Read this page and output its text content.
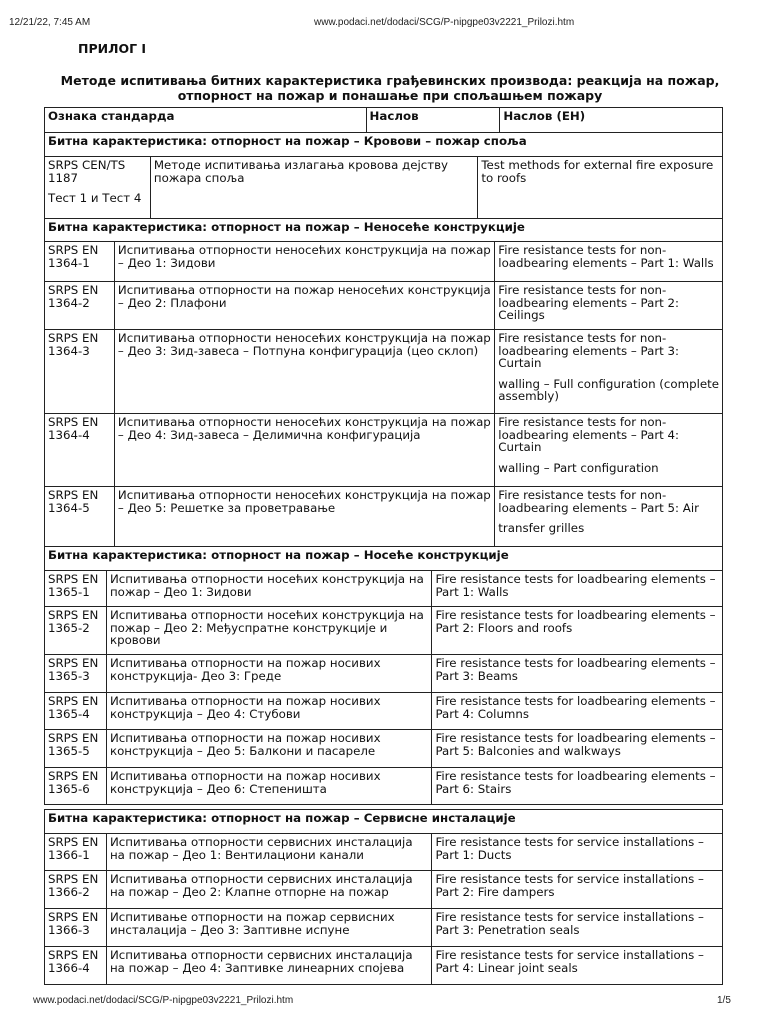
12/21/22, 7:45 AM	www.podaci.net/dodaci/SCG/P-nipgpe03v2221_Prilozi.htm
ПРИЛОГ I
Методе испитивања битних карактеристика грађевинских производа: реакција на пожар,
отпорност на пожар и понашање при спољашњем пожару
Ознака стандарда	Наслов	Наслов (ЕН)
Битна карактеристика: отпорност на пожар – Кровови – пожар споља
SRPS CEN/TS 1187
Тест 1 и Тест 4
	Методе испитивања излагања кровова дејству пожара споља	Test methods for external fire exposure to roofs
Битна карактеристика: отпорност на пожар – Ненoсеће конструкције		
SRPS EN 1364-1	Испитивања отпорности неносећих конструкција на пожар – Део 1: Зидови	Fire resistance tests for non-loadbearing elements – Part 1: Walls
SRPS EN 1364-2	Испитивања отпорности на пожар неносећих конструкција – Део 2: Плафони	Fire resistance tests for non-loadbearing elements – Part 2: Ceilings
SRPS EN 1364-3	Испитивања отпорности неносећих конструкција на пожар – Део 3: Зид-завеса – Потпуна конфигурација (цео склоп)	Fire resistance tests for non-loadbearing elements – Part 3: Curtain
walling – Full configuration (complete assembly)

SRPS EN 1364-4	Испитивања отпорности неносећих конструкција на пожар – Део 4: Зид-завеса – Делимична конфигурација	Fire resistance tests for non-loadbearing elements – Part 4: Curtain
walling – Part configuration

SRPS EN 1364-5	Испитивања отпорности неносећих конструкција на пожар – Део 5: Решетке за проветравање	Fire resistance tests for non-loadbearing elements – Part 5: Air
transfer grilles
Битна карактеристика: отпорност на пожар – Носеће конструкције		
SRPS EN 1365-1	Испитивања отпорности носећих конструкција на пожар – Део 1: Зидови	Fire resistance tests for loadbearing elements – Part 1: Walls
SRPS EN 1365-2	Испитивања отпорности носећих конструкција на пожар – Део 2: Међуспратне конструкције и кровови	Fire resistance tests for loadbearing elements – Part 2: Floors and roofs
SRPS EN 1365-3	Испитивања отпорности на пожар носивих конструкција- Део 3: Греде	Fire resistance tests for loadbearing elements – Part 3: Beams
SRPS EN 1365-4	Испитивања отпорности на пожар носивих конструкција – Део 4: Стубови	Fire resistance tests for loadbearing elements – Part 4: Columns
SRPS EN 1365-5	Испитивања отпорности на пожар носивих конструкција – Део 5: Балкони и пасареле	Fire resistance tests for loadbearing elements – Part 5: Balconies and walkways
SRPS EN 1365-6	Испитивања отпорности на пожар носивих конструкција – Део 6: Степеништа	Fire resistance tests for loadbearing elements – Part 6: Stairs
Битна карактеристика: отпорност на пожар – Сервисне инсталације		
SRPS EN 1366-1	Испитивања отпорности сервисних инсталација на пожар – Део 1: Вентилациони канали	Fire resistance tests for service installations – Part 1: Ducts
SRPS EN 1366-2	Испитивања отпорности сервисних инсталација на пожар – Део 2: Клапне отпорне на пожар	Fire resistance tests for service installations – Part 2: Fire dampers
SRPS EN 1366-3	Испитивање отпорности на пожар сервисних инсталација – Део 3: Заптивне испуне	Fire resistance tests for service installations – Part 3: Penetration seals
SRPS EN 1366-4	Испитивања отпорности сервисних инсталација на пожар – Део 4: Заптивке линеарних спојева	Fire resistance tests for service installations – Part 4: Linear joint seals
www.podaci.net/dodaci/SCG/P-nipgpe03v2221_Prilozi.htm	1/5
